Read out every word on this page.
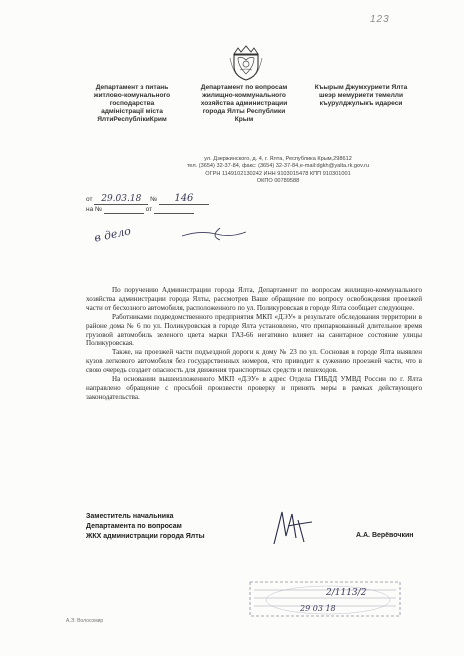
123
Департамент з питань
житлово-комунального
господарства
адміністрації міста
ЯлтиРеспублікиКрим
Департамент по вопросам
жилищно-коммунального
хозяйства администрации
города Ялты Республики
Крым
Къырым Джумхуриети Ялта
шеэр мемуриети темелли
къурулджулыкъ идареси
ул. Дзержинского, д. 4, г. Ялта, Республика Крым,298612
тел. (3654) 32-37-84, факс: (3654) 32-37-84,e-mail:dgkh@yalta.rk.gov.ru
ОГРН 1149102130242 ИНН 9103015478 КПП 910301001
ОКПО 00789588
от 29.03.18 № 146
на №	от
в дело

По поручению Администрации города Ялта, Департамент по вопросам жилищно-коммунального хозяйства администрации города Ялты, рассмотрев Ваше обращение по вопросу освобождения проезжей части от бесхозного автомобиля, расположенного по ул. Поликуровская в городе Ялта сообщает следующее.

Работниками подведомственного предприятия МКП «ДЭУ» в результате обследования территории в районе дома № 6 по ул. Поликуровская в городе Ялта установлено, что припаркованный длительное время грузовой автомобиль зеленого цвета марки ГАЗ-66 негативно влияет на санитарное состояние улицы Поликуровская.

Также, на проезжей части подъездной дороги к дому № 23 по ул. Сосновая в городе Ялта выявлен кузов легкового автомобиля без государственных номеров, что приводит к сужению проезжей части, что в свою очередь создает опасность для движения транспортных средств и пешеходов.

На основании вышеизложенного МКП «ДЭУ» в адрес Отдела ГИБДД УМВД России по г. Ялта направлено обращение с просьбой произвести проверку и принять меры в рамках действующего законодательства.

Заместитель начальника
Департамента по вопросам
ЖКХ администрации города Ялты	А.А. Верёвочкин
2/1113/2
29 03 18
А.Э. Волосомир
